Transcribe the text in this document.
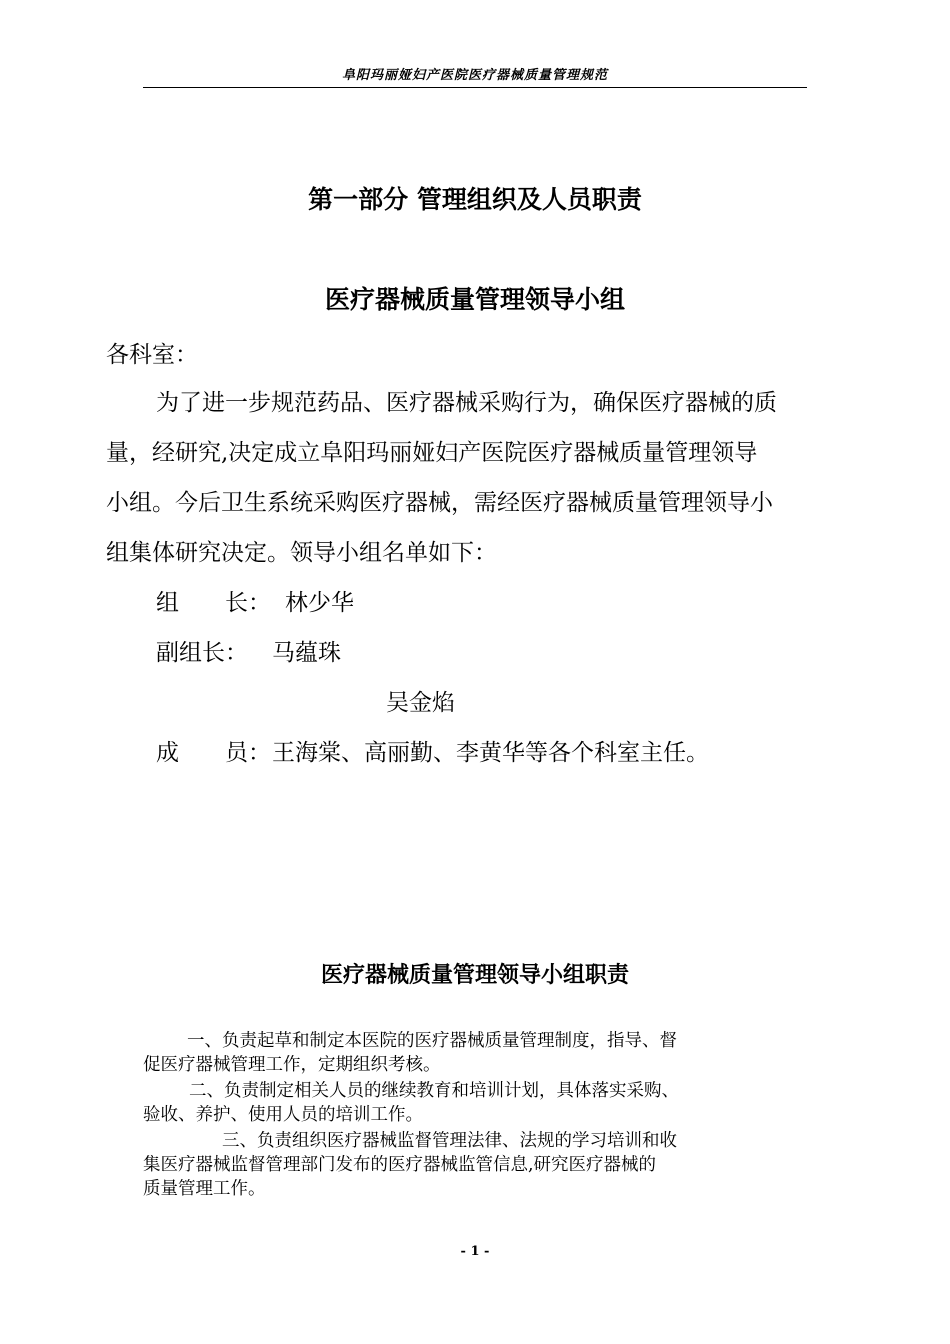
阜阳玛丽娅妇产医院医疗器械质量管理规范
第一部分 管理组织及人员职责
医疗器械质量管理领导小组
各科室：
为了进一步规范药品、医疗器械采购行为，确保医疗器械的质
量，经研究,决定成立阜阳玛丽娅妇产医院医疗器械质量管理领导
小组。今后卫生系统采购医疗器械，需经医疗器械质量管理领导小
组集体研究决定。领导小组名单如下：
组　　长： 林少华
副组长： 马蕴珠
吴金焰
成　　员： 王海棠、高丽勤、李黄华等各个科室主任。
医疗器械质量管理领导小组职责
一、负责起草和制定本医院的医疗器械质量管理制度，指导、督
促医疗器械管理工作，定期组织考核。
二、负责制定相关人员的继续教育和培训计划，具体落实采购、
验收、养护、使用人员的培训工作。
三、负责组织医疗器械监督管理法律、法规的学习培训和收
集医疗器械监督管理部门发布的医疗器械监管信息,研究医疗器械的
质量管理工作。
- 1 -
